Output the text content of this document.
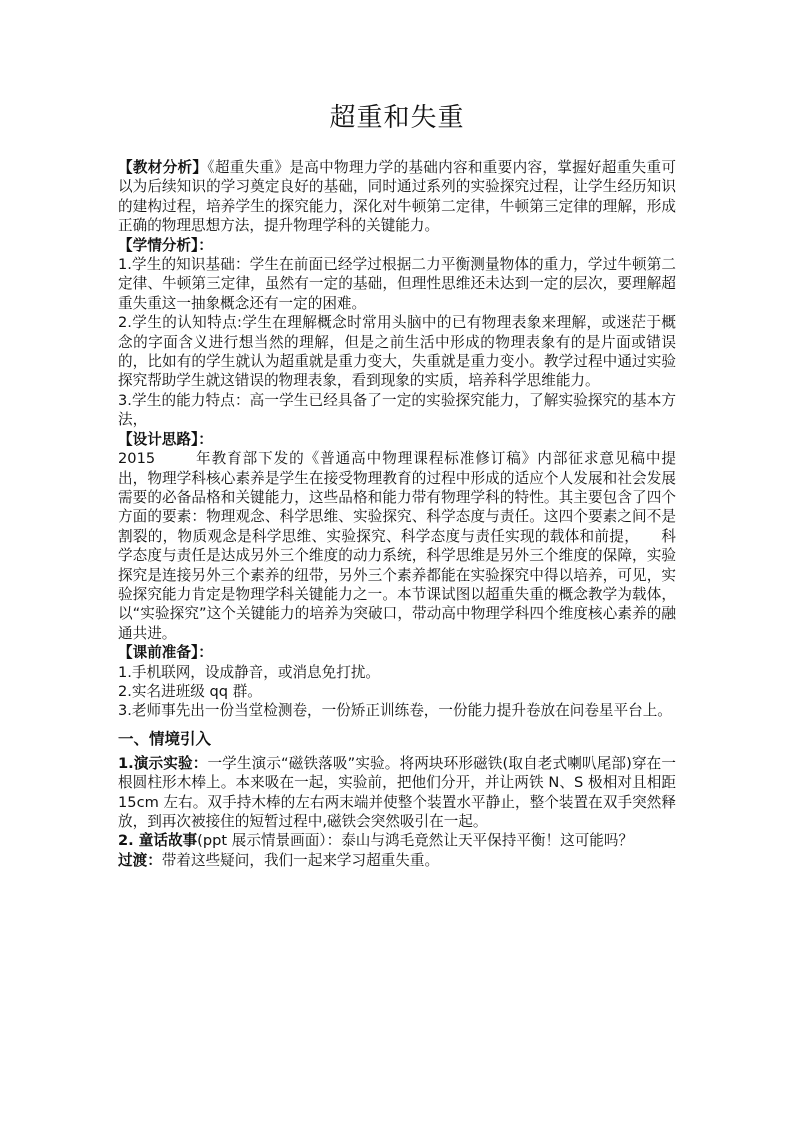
超重和失重

【教材分析】《超重失重》是高中物理力学的基础内容和重要内容，掌握好超重失重可以为后续知识的学习奠定良好的基础，同时通过系列的实验探究过程，让学生经历知识的建构过程，培养学生的探究能力，深化对牛顿第二定律，牛顿第三定律的理解，形成正确的物理思想方法，提升物理学科的关键能力。

【学情分析】：

1.学生的知识基础：学生在前面已经学过根据二力平衡测量物体的重力，学过牛顿第二定律、牛顿第三定律，虽然有一定的基础，但理性思维还未达到一定的层次，要理解超重失重这一抽象概念还有一定的困难。

2.学生的认知特点:学生在理解概念时常用头脑中的已有物理表象来理解，或迷茫于概念的字面含义进行想当然的理解，但是之前生活中形成的物理表象有的是片面或错误的，比如有的学生就认为超重就是重力变大，失重就是重力变小。教学过程中通过实验探究帮助学生就这错误的物理表象，看到现象的实质，培养科学思维能力。

3.学生的能力特点：高一学生已经具备了一定的实验探究能力，了解实验探究的基本方法，

【设计思路】：

2015	年教育部下发的《普通高中物理课程标准修订稿》内部征求意见稿中提出，物理学科核心素养是学生在接受物理教育的过程中形成的适应个人发展和社会发展需要的必备品格和关键能力，这些品格和能力带有物理学科的特性。其主要包含了四个方面的要素：物理观念、科学思维、实验探究、科学态度与责任。这四个要素之间不是割裂的，物质观念是科学思维、实验探究、科学态度与责任实现的载体和前提， 科学态度与责任是达成另外三个维度的动力系统，科学思维是另外三个维度的保障，实验探究是连接另外三个素养的纽带，另外三个素养都能在实验探究中得以培养，可见，实验探究能力肯定是物理学科关键能力之一。本节课试图以超重失重的概念教学为载体，以“实验探究”这个关键能力的培养为突破口，带动高中物理学科四个维度核心素养的融通共进。

【课前准备】：

1.手机联网，设成静音，或消息免打扰。

2.实名进班级 qq 群。

3.老师事先出一份当堂检测卷，一份矫正训练卷，一份能力提升卷放在问卷星平台上。

一、情境引入

1.演示实验：一学生演示“磁铁落吸”实验。将两块环形磁铁(取自老式喇叭尾部)穿在一根圆柱形木棒上。本来吸在一起，实验前，把他们分开，并让两铁 N、S 极相对且相距 15cm 左右。双手持木棒的左右两末端并使整个装置水平静止，整个装置在双手突然释放，到再次被接住的短暂过程中,磁铁会突然吸引在一起。

2. 童话故事(ppt 展示情景画面）：泰山与鸿毛竟然让天平保持平衡！这可能吗？

过渡：带着这些疑问，我们一起来学习超重失重。
